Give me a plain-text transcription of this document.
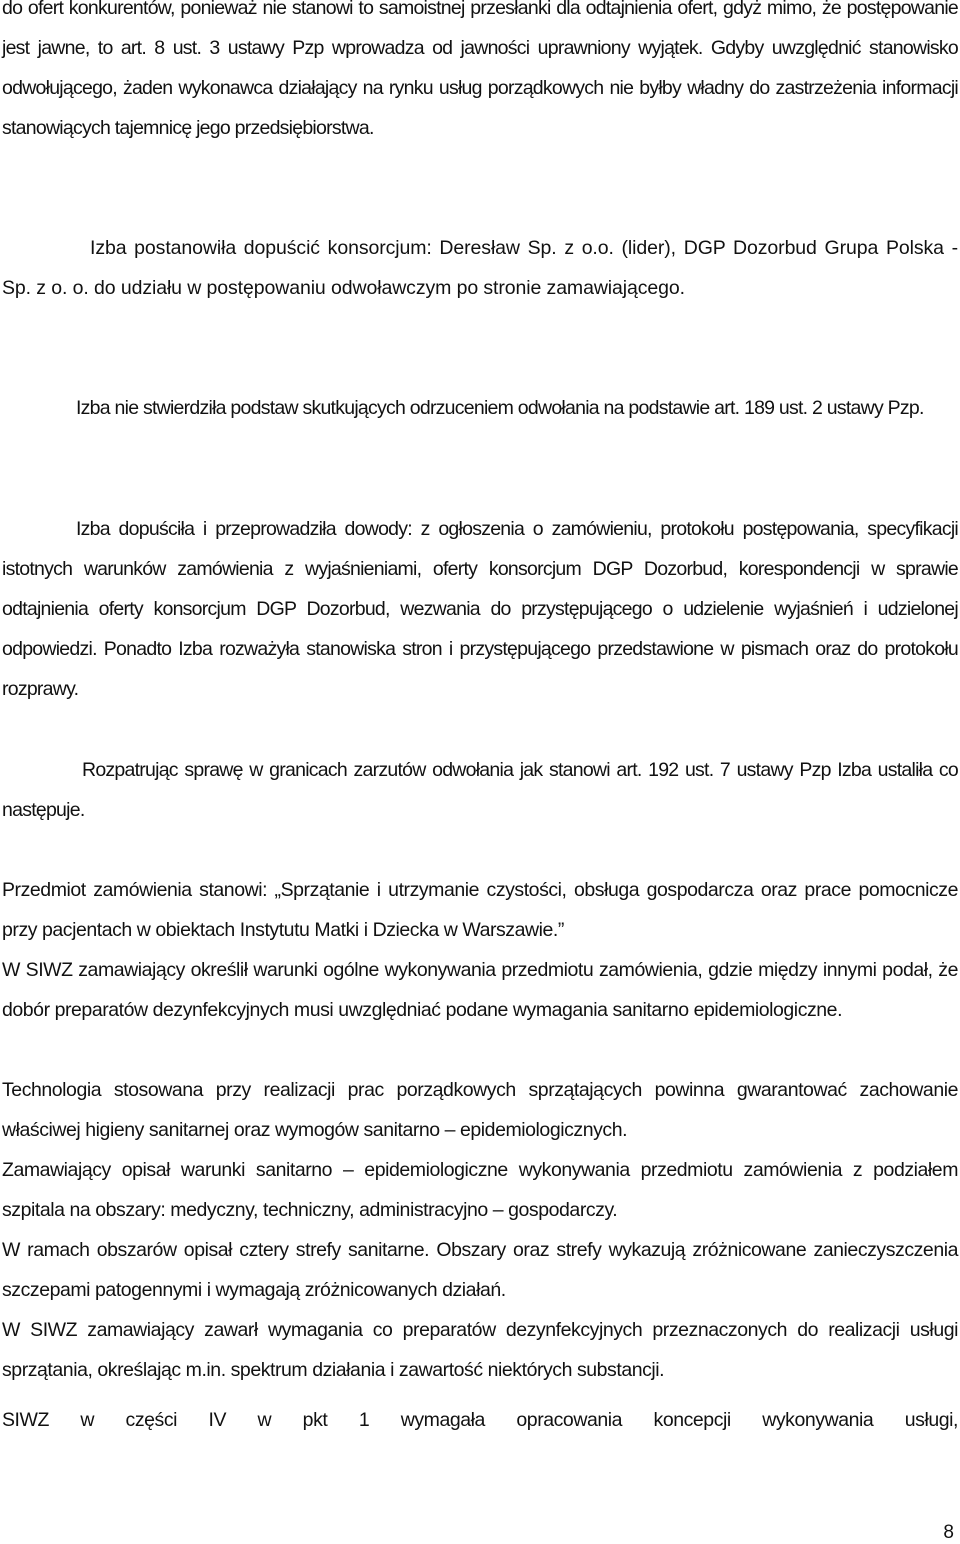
do ofert konkurentów, ponieważ nie stanowi to samoistnej przesłanki dla odtajnienia ofert, gdyż mimo, że postępowanie jest jawne, to art. 8 ust. 3 ustawy Pzp wprowadza od jawności uprawniony wyjątek. Gdyby uwzględnić stanowisko odwołującego, żaden wykonawca działający na rynku usług porządkowych nie byłby władny do zastrzeżenia informacji stanowiących tajemnicę jego przedsiębiorstwa.

Izba postanowiła dopuścić konsorcjum: Deresław Sp. z o.o. (lider), DGP Dozorbud Grupa Polska - Sp. z o. o. do udziału w postępowaniu odwoławczym po stronie zamawiającego.

Izba nie stwierdziła podstaw skutkujących odrzuceniem odwołania na podstawie art. 189 ust. 2 ustawy Pzp.

Izba dopuściła i przeprowadziła dowody: z ogłoszenia o zamówieniu, protokołu postępowania, specyfikacji istotnych warunków zamówienia z wyjaśnieniami, oferty konsorcjum DGP Dozorbud, korespondencji w sprawie odtajnienia oferty konsorcjum DGP Dozorbud, wezwania do przystępującego o udzielenie wyjaśnień i udzielonej odpowiedzi. Ponadto Izba rozważyła stanowiska stron i przystępującego przedstawione w pismach oraz do protokołu rozprawy.

Rozpatrując sprawę w granicach zarzutów odwołania jak stanowi art. 192 ust. 7 ustawy Pzp Izba ustaliła co następuje.

Przedmiot zamówienia stanowi: „Sprzątanie i utrzymanie czystości, obsługa gospodarcza oraz prace pomocnicze przy pacjentach w obiektach Instytutu Matki i Dziecka w Warszawie.”

W SIWZ zamawiający określił warunki ogólne wykonywania przedmiotu zamówienia, gdzie między innymi podał, że dobór preparatów dezynfekcyjnych musi uwzględniać podane wymagania sanitarno epidemiologiczne.

Technologia stosowana przy realizacji prac porządkowych sprzątających powinna gwarantować zachowanie właściwej higieny sanitarnej oraz wymogów sanitarno – epidemiologicznych.

Zamawiający opisał warunki sanitarno – epidemiologiczne wykonywania przedmiotu zamówienia z podziałem szpitala na obszary: medyczny, techniczny, administracyjno – gospodarczy.

W ramach obszarów opisał cztery strefy sanitarne. Obszary oraz strefy wykazują zróżnicowane zanieczyszczenia szczepami patogennymi i wymagają zróżnicowanych działań.

W SIWZ zamawiający zawarł wymagania co preparatów dezynfekcyjnych przeznaczonych do realizacji usługi sprzątania, określając m.in. spektrum działania i zawartość niektórych substancji.

SIWZ w części IV w pkt 1 wymagała opracowania koncepcji wykonywania usługi,

8
